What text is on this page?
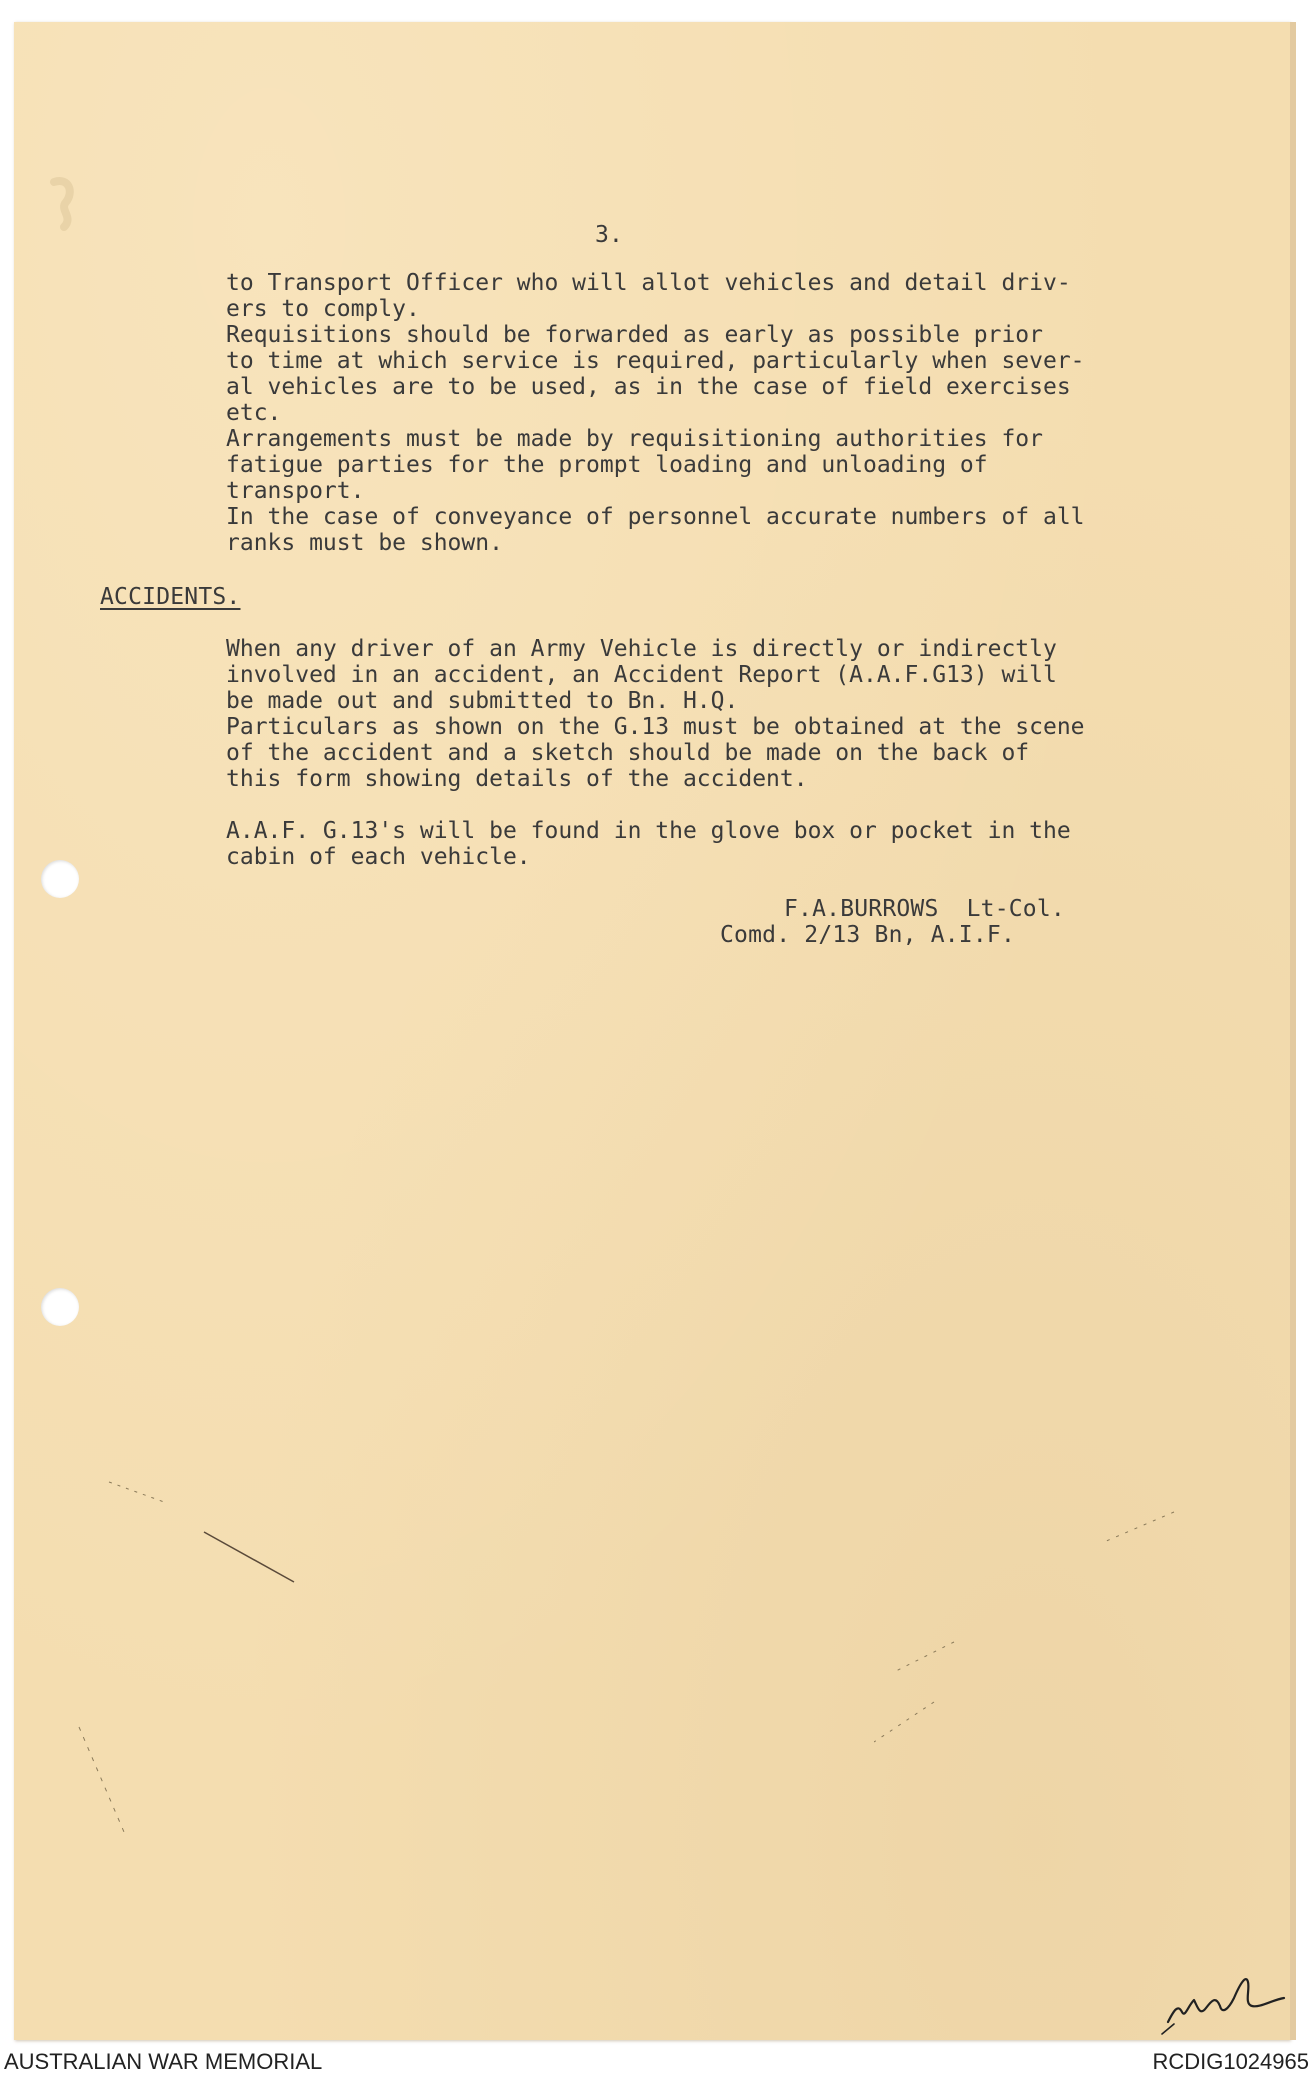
3.
to Transport Officer who will allot vehicles and detail driv-
ers to comply.
Requisitions should be forwarded as early as possible prior
to time at which service is required, particularly when sever-
al vehicles are to be used, as in the case of field exercises
etc.
Arrangements must be made by requisitioning authorities for
fatigue parties for the prompt loading and unloading of
transport.
In the case of conveyance of personnel accurate numbers of all
ranks must be shown.
ACCIDENTS.
When any driver of an Army Vehicle is directly or indirectly
involved in an accident, an Accident Report (A.A.F.G13) will
be made out and submitted to Bn. H.Q.
Particulars as shown on the G.13 must be obtained at the scene
of the accident and a sketch should be made on the back of
this form showing details of the accident.
A.A.F. G.13's will be found in the glove box or pocket in the
cabin of each vehicle.
F.A.BURROWS  Lt-Col.
Comd. 2/13 Bn, A.I.F.
AUSTRALIAN WAR MEMORIAL	RCDIG1024965
